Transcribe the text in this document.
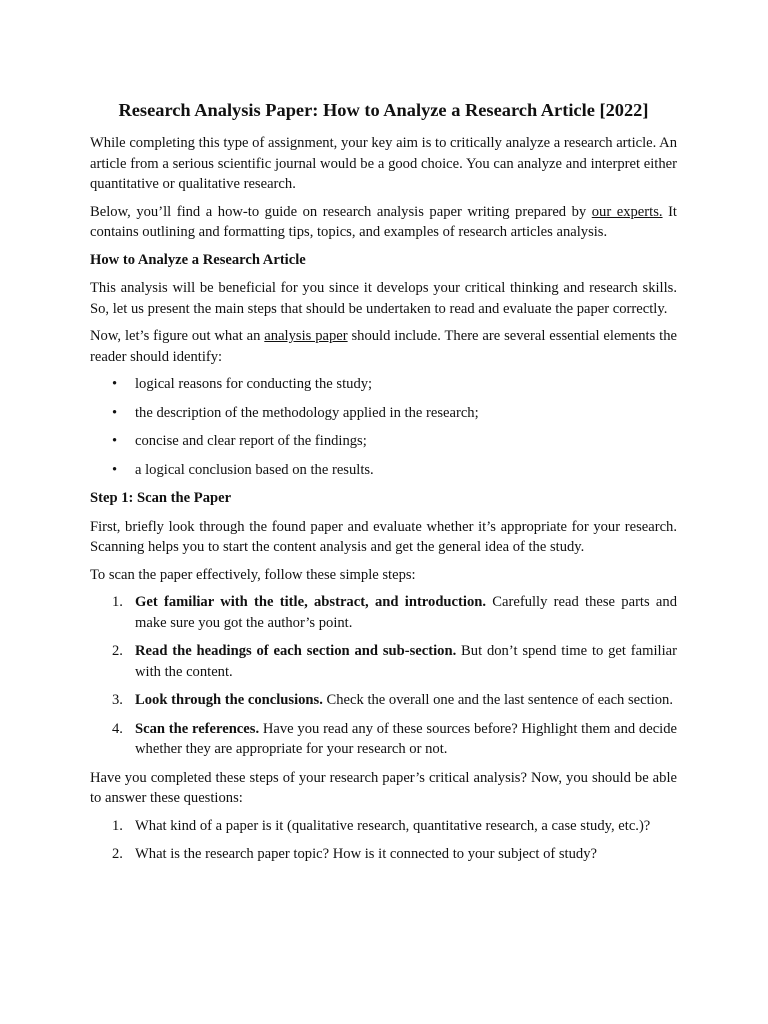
Research Analysis Paper: How to Analyze a Research Article [2022]

While completing this type of assignment, your key aim is to critically analyze a research article. An article from a serious scientific journal would be a good choice. You can analyze and interpret either quantitative or qualitative research.

Below, you’ll find a how-to guide on research analysis paper writing prepared by our experts. It contains outlining and formatting tips, topics, and examples of research articles analysis.

How to Analyze a Research Article

This analysis will be beneficial for you since it develops your critical thinking and research skills. So, let us present the main steps that should be undertaken to read and evaluate the paper correctly.

Now, let’s figure out what an analysis paper should include. There are several essential elements the reader should identify:

• logical reasons for conducting the study;
• the description of the methodology applied in the research;
• concise and clear report of the findings;
• a logical conclusion based on the results.

Step 1: Scan the Paper

First, briefly look through the found paper and evaluate whether it’s appropriate for your research. Scanning helps you to start the content analysis and get the general idea of the study.

To scan the paper effectively, follow these simple steps:

1. Get familiar with the title, abstract, and introduction. Carefully read these parts and make sure you got the author’s point.
2. Read the headings of each section and sub-section. But don’t spend time to get familiar with the content.
3. Look through the conclusions. Check the overall one and the last sentence of each section.
4. Scan the references. Have you read any of these sources before? Highlight them and decide whether they are appropriate for your research or not.

Have you completed these steps of your research paper’s critical analysis? Now, you should be able to answer these questions:

1. What kind of a paper is it (qualitative research, quantitative research, a case study, etc.)?
2. What is the research paper topic? How is it connected to your subject of study?
